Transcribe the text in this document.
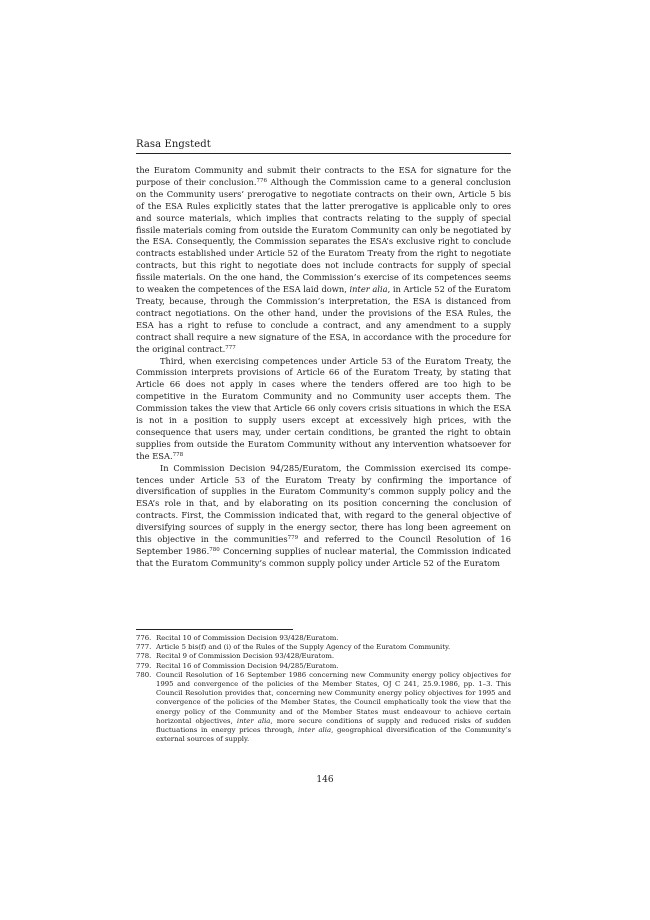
Rasa Engstedt

the Euratom Community and submit their contracts to the ESA for signature for the purpose of their conclusion.$^{776}$ Although the Commission came to a general conclusion on the Community users’ prerogative to negotiate contracts on their own, Article 5 bis of the ESA Rules explicitly states that the latter prerogative is applicable only to ores and source materials, which implies that contracts relating to the supply of special fissile materials coming from outside the Euratom Community can only be negotiated by the ESA. Consequently, the Commission separates the ESA’s exclusive right to conclude contracts established under Article 52 of the Euratom Treaty from the right to negotiate contracts, but this right to negotiate does not include contracts for supply of special fissile materials. On the one hand, the Commission’s exercise of its competences seems to weaken the competences of the ESA laid down, inter alia, in Article 52 of the Euratom Treaty, because, through the Commission’s interpretation, the ESA is distanced from contract negotiations. On the other hand, under the provisions of the ESA Rules, the ESA has a right to refuse to conclude a contract, and any amendment to a supply contract shall require a new signature of the ESA, in accordance with the procedure for the original contract.$^{777}$

Third, when exercising competences under Article 53 of the Euratom Treaty, the Commission interprets provisions of Article 66 of the Euratom Treaty, by stating that Article 66 does not apply in cases where the tenders offered are too high to be competitive in the Euratom Community and no Community user accepts them. The Commission takes the view that Article 66 only covers crisis situations in which the ESA is not in a position to supply users except at excessively high prices, with the consequence that users may, under certain conditions, be granted the right to obtain supplies from outside the Euratom Community without any intervention whatsoever for the ESA.$^{778}$

In Commission Decision 94/285/Euratom, the Commission exercised its competences under Article 53 of the Euratom Treaty by confirming the importance of diversification of supplies in the Euratom Community’s common supply policy and the ESA’s role in that, and by elaborating on its position concerning the conclusion of contracts. First, the Commission indicated that, with regard to the general objective of diversifying sources of supply in the energy sector, there has long been agreement on this objective in the communities$^{779}$ and referred to the Council Resolution of 16 September 1986.$^{780}$ Concerning supplies of nuclear material, the Commission indicated that the Euratom Community’s common supply policy under Article 52 of the Euratom

776. Recital 10 of Commission Decision 93/428/Euratom.
777. Article 5 bis(f) and (i) of the Rules of the Supply Agency of the Euratom Community.
778. Recital 9 of Commission Decision 93/428/Euratom.
779. Recital 16 of Commission Decision 94/285/Euratom.
780. Council Resolution of 16 September 1986 concerning new Community energy policy objectives for 1995 and convergence of the policies of the Member States, OJ C 241, 25.9.1986, pp. 1–3. This Council Resolution provides that, concerning new Community energy policy objectives for 1995 and convergence of the policies of the Member States, the Council emphatically took the view that the energy policy of the Community and of the Member States must endeavour to achieve certain horizontal objectives, inter alia, more secure conditions of supply and reduced risks of sudden fluctuations in energy prices through, inter alia, geographical diversification of the Community’s external sources of supply.
146
